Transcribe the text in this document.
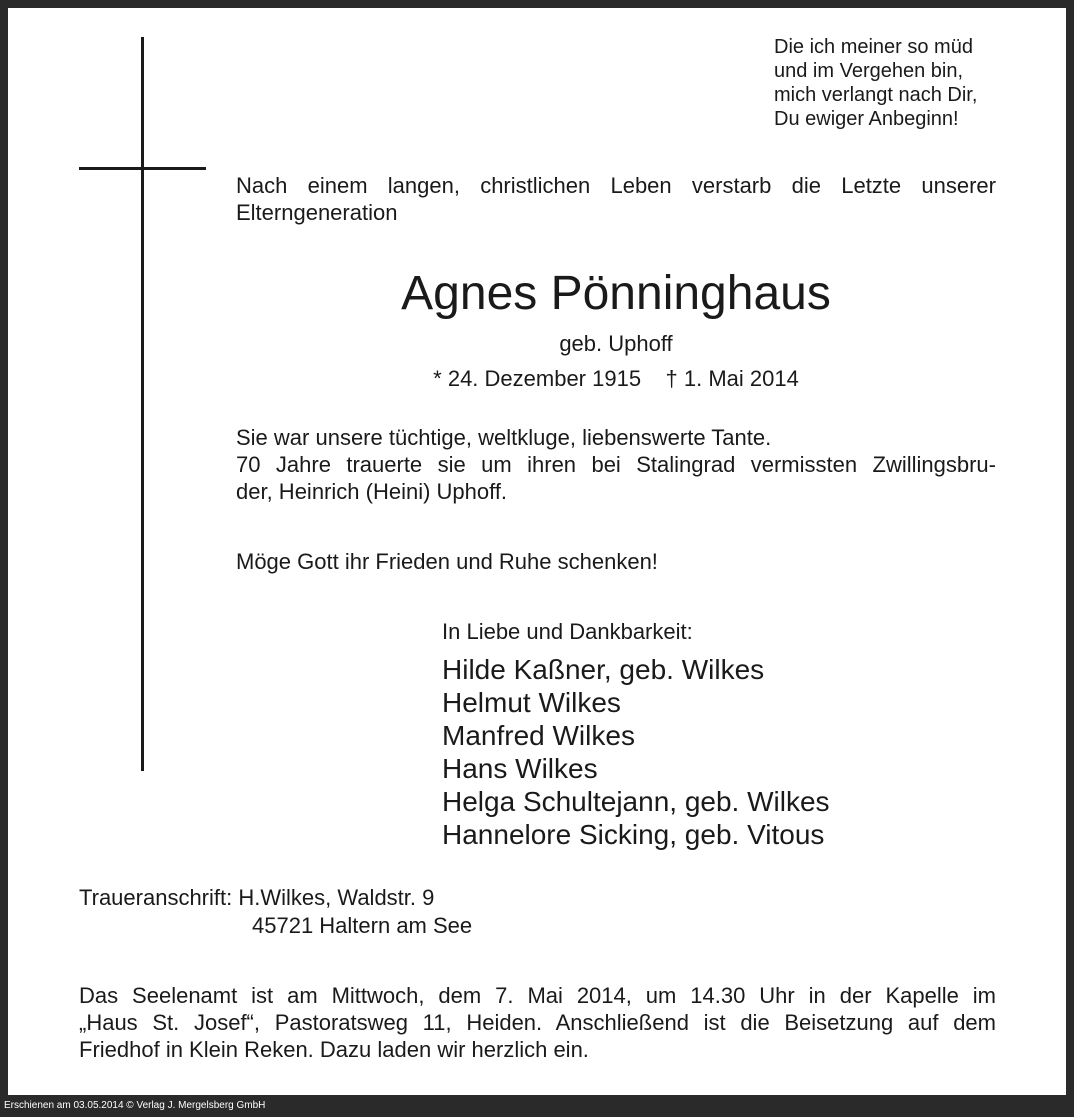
Die ich meiner so müd
und im Vergehen bin,
mich verlangt nach Dir,
Du ewiger Anbeginn!
Nach einem langen, christlichen Leben verstarb die Letzte unserer
Elterngeneration
Agnes Pönninghaus
geb. Uphoff
* 24. Dezember 1915 † 1. Mai 2014
Sie war unsere tüchtige, weltkluge, liebenswerte Tante.
70 Jahre trauerte sie um ihren bei Stalingrad vermissten Zwillingsbru-
der, Heinrich (Heini) Uphoff.
Möge Gott ihr Frieden und Ruhe schenken!
In Liebe und Dankbarkeit:
Hilde Kaßner, geb. Wilkes
Helmut Wilkes
Manfred Wilkes
Hans Wilkes
Helga Schultejann, geb. Wilkes
Hannelore Sicking, geb. Vitous
Traueranschrift: H.Wilkes, Waldstr. 9
45721 Haltern am See
Das Seelenamt ist am Mittwoch, dem 7. Mai 2014, um 14.30 Uhr in der Kapelle im
„Haus St. Josef“, Pastoratsweg 11, Heiden. Anschließend ist die Beisetzung auf dem
Friedhof in Klein Reken. Dazu laden wir herzlich ein.
Erschienen am 03.05.2014 © Verlag J. Mergelsberg GmbH
